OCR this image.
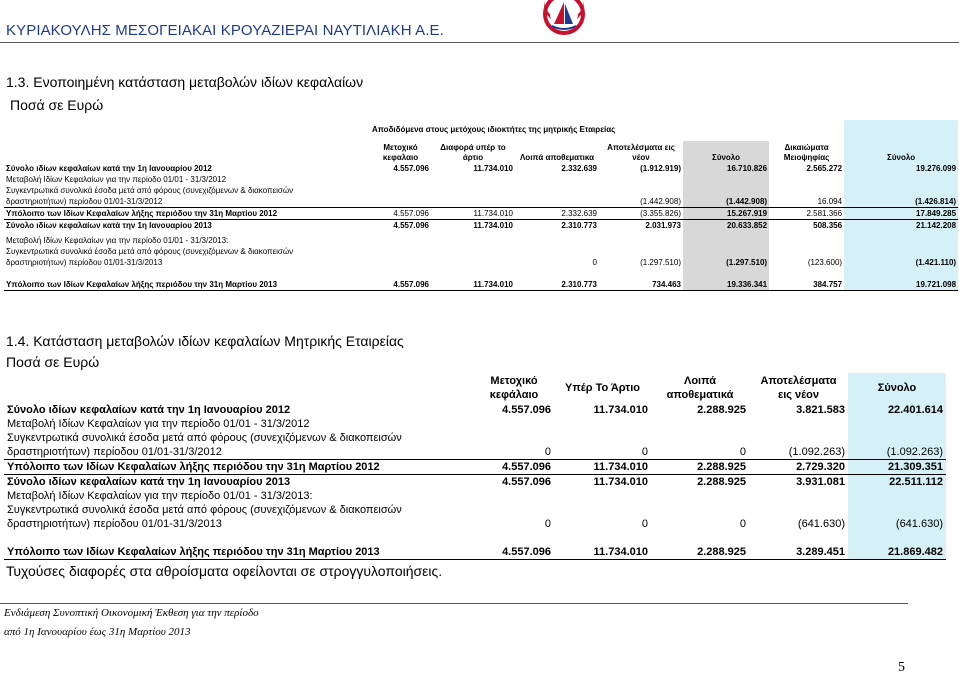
ΚΥΡΙΑΚΟΥΛΗΣ ΜΕΣΟΓΕΙΑΚΑΙ ΚΡΟΥΑΖΙΕΡΑΙ ΝΑΥΤΙΛΙΑΚΗ Α.Ε.
1.3. Ενοποιημένη κατάσταση μεταβολών ιδίων κεφαλαίων
Ποσά σε Ευρώ
	Αποδιδόμενα στους μετόχους ιδιοκτήτες της μητρικής Εταιρείας						
	Μετοχικό κεφαλαιο	Διαφορά υπέρ το άρτιο	Λοιπά αποθεματικα	Αποτελέσματα εις νέον	Σύνολο	Δικαιώματα Μειοψηφίας	Σύνολο
Σύνολο ιδίων κεφαλαίων κατά την 1η Ιανουαρίου 2012	4.557.096	11.734.010	2.332.639	(1.912.919)	16.710.826	2.565.272	19.276.099
Μεταβολή Ιδίων Κεφαλαίων για την περίοδο 01/01 - 31/3/2012							
Συγκεντρωτικά συνολικά έσοδα μετά από φόρους (συνεχιζόμενων & διακοπεισών							
δραστηριοτήτων) περίοδου 01/01-31/3/2012				(1.442.908)	(1.442.908)	16.094	(1.426.814)
Υπόλοιπο των Ιδίων Κεφαλαίων λήξης περιόδου την 31η Μαρτίου 2012	4.557.096	11.734.010	2.332.639	(3.355.826)	15.267.919	2.581.366	17.849.285
Σύνολο ιδίων κεφαλαίων κατά την 1η Ιανουαρίου 2013	4.557.096	11.734.010	2.310.773	2.031.973	20.633.852	508.356	21.142.208
Μεταβολή Ιδίων Κεφαλαίων για την περίοδο 01/01 - 31/3/2013:							
Συγκεντρωτικά συνολικά έσοδα μετά από φόρους (συνεχιζόμενων & διακοπεισών							
δραστηριοτήτων) περίοδου 01/01-31/3/2013			0	(1.297.510)	(1.297.510)	(123.600)	(1.421.110)

Υπόλοιπο των Ιδίων Κεφαλαίων λήξης περιόδου την 31η Μαρτίου 2013	4.557.096	11.734.010	2.310.773	734.463	19.336.341	384.757	19.721.098
1.4. Κατάσταση μεταβολών ιδίων κεφαλαίων Μητρικής Εταιρείας
Ποσά σε Ευρώ
	Μετοχικό κεφάλαιο	Υπέρ Το Άρτιο	Λοιπά αποθεματικά	Αποτελέσματα εις νέον	Σύνολο
Σύνολο ιδίων κεφαλαίων κατά την 1η Ιανουαρίου 2012	4.557.096	11.734.010	2.288.925	3.821.583	22.401.614
Μεταβολή Ιδίων Κεφαλαίων για την περίοδο 01/01 - 31/3/2012					
Συγκεντρωτικά συνολικά έσοδα μετά από φόρους (συνεχιζόμενων & διακοπεισών					
δραστηριοτήτων) περίοδου 01/01-31/3/2012	0	0	0	(1.092.263)	(1.092.263)
Υπόλοιπο των Ιδίων Κεφαλαίων λήξης περιόδου την 31η Μαρτίου 2012	4.557.096	11.734.010	2.288.925	2.729.320	21.309.351
Σύνολο ιδίων κεφαλαίων κατά την 1η Ιανουαρίου 2013	4.557.096	11.734.010	2.288.925	3.931.081	22.511.112
Μεταβολή Ιδίων Κεφαλαίων για την περίοδο 01/01 - 31/3/2013:					
Συγκεντρωτικά συνολικά έσοδα μετά από φόρους (συνεχιζόμενων & διακοπεισών					
δραστηριοτήτων) περίοδου 01/01-31/3/2013	0	0	0	(641.630)	(641.630)

Υπόλοιπο των Ιδίων Κεφαλαίων λήξης περιόδου την 31η Μαρτίου 2013	4.557.096	11.734.010	2.288.925	3.289.451	21.869.482
Τυχούσες διαφορές στα αθροίσματα οφείλονται σε στρογγυλοποιήσεις.
Ενδιάμεση Συνοπτική Οικονομική Έκθεση για την περίοδο
από 1η Ιανουαρίου έως 31η Μαρτίου 2013
5
